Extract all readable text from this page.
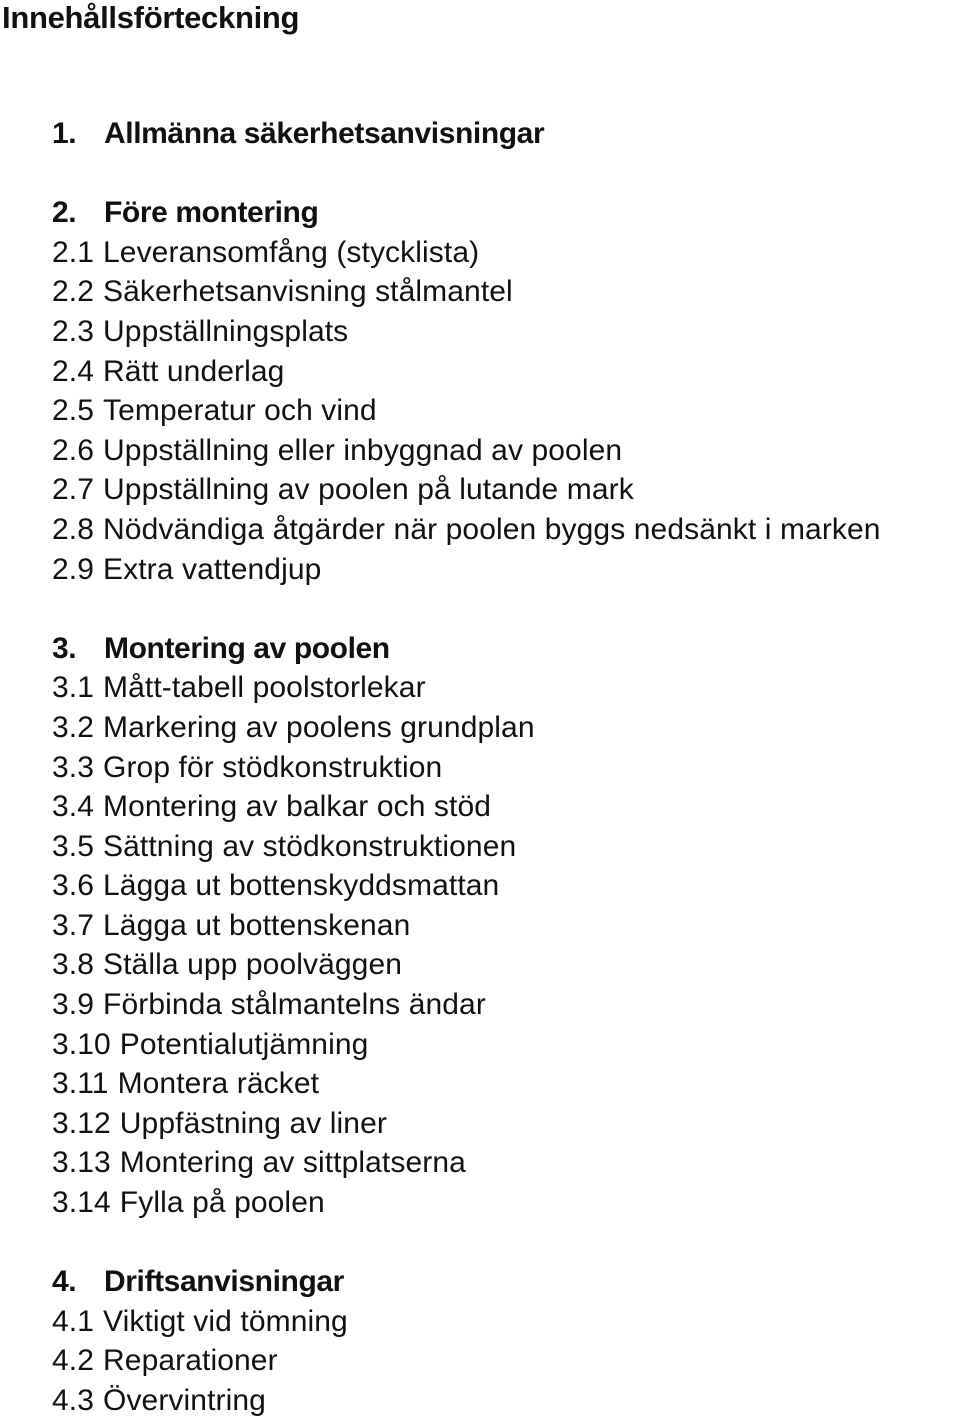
Innehållsförteckning
1. Allmänna säkerhetsanvisningar
2. Före montering
2.1 Leveransomfång (stycklista)
2.2 Säkerhetsanvisning stålmantel
2.3 Uppställningsplats
2.4 Rätt underlag
2.5 Temperatur och vind
2.6 Uppställning eller inbyggnad av poolen
2.7 Uppställning av poolen på lutande mark
2.8 Nödvändiga åtgärder när poolen byggs nedsänkt i marken
2.9 Extra vattendjup
3. Montering av poolen
3.1 Mått-tabell poolstorlekar
3.2 Markering av poolens grundplan
3.3 Grop för stödkonstruktion
3.4 Montering av balkar och stöd
3.5 Sättning av stödkonstruktionen
3.6 Lägga ut bottenskyddsmattan
3.7 Lägga ut bottenskenan
3.8 Ställa upp poolväggen
3.9 Förbinda stålmantelns ändar
3.10 Potentialutjämning
3.11 Montera räcket
3.12 Uppfästning av liner
3.13 Montering av sittplatserna
3.14 Fylla på poolen
4. Driftsanvisningar
4.1 Viktigt vid tömning
4.2 Reparationer
4.3 Övervintring
